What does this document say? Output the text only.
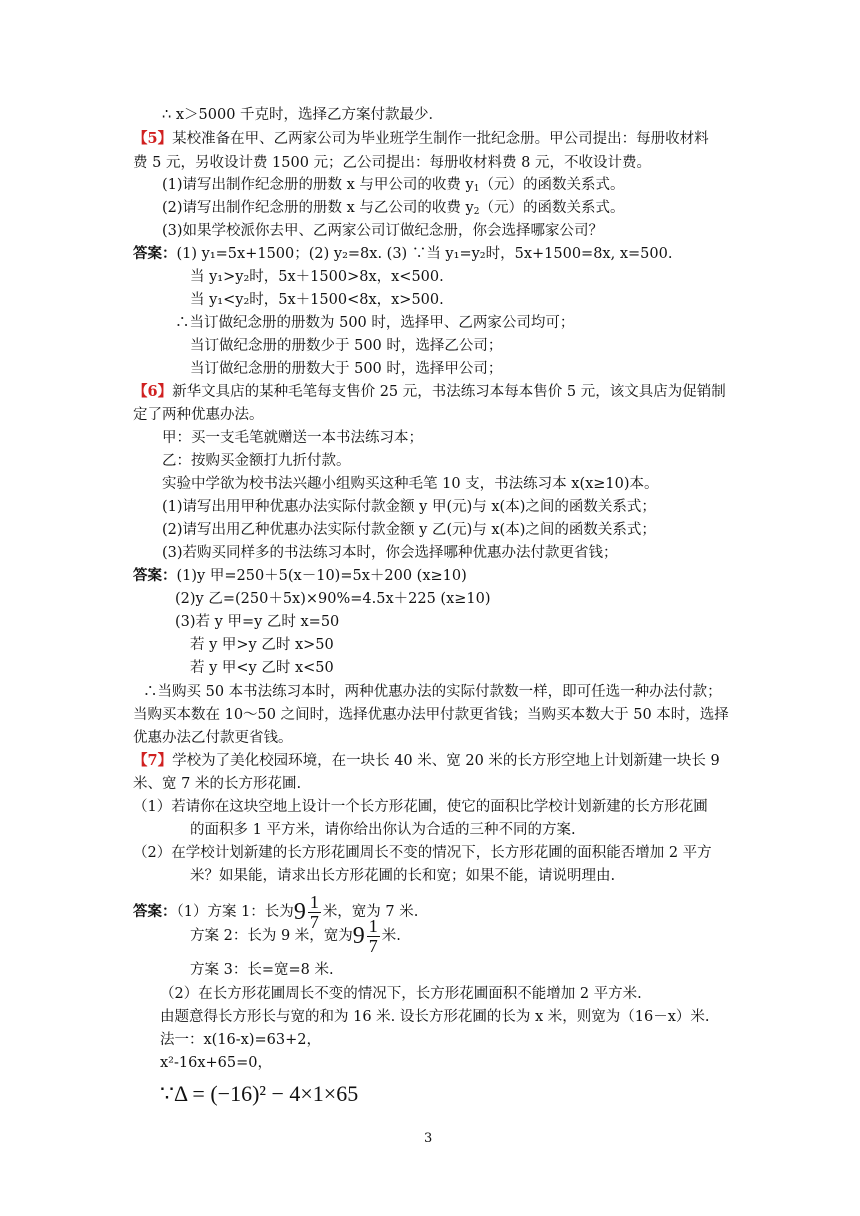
∴ x＞5000 千克时，选择乙方案付款最少．
【5】某校准备在甲、乙两家公司为毕业班学生制作一批纪念册。甲公司提出：每册收材料
费 5 元，另收设计费 1500 元；乙公司提出：每册收材料费 8 元，不收设计费。
(1)请写出制作纪念册的册数 x 与甲公司的收费 $y_1$（元）的函数关系式。
(2)请写出制作纪念册的册数 x 与乙公司的收费 $y_2$（元）的函数关系式。
(3)如果学校派你去甲、乙两家公司订做纪念册，你会选择哪家公司？
答案：(1) y₁=5x+1500；(2) y₂=8x. (3) ∵当 y₁=y₂时，5x+1500=8x, x=500.
当 y₁>y₂时，5x＋1500>8x，x<500.
当 y₁<y₂时，5x＋1500<8x，x>500.
∴当订做纪念册的册数为 500 时，选择甲、乙两家公司均可；
当订做纪念册的册数少于 500 时，选择乙公司；
当订做纪念册的册数大于 500 时，选择甲公司；
【6】新华文具店的某种毛笔每支售价 25 元，书法练习本每本售价 5 元，该文具店为促销制
定了两种优惠办法。
甲：买一支毛笔就赠送一本书法练习本；
乙：按购买金额打九折付款。
实验中学欲为校书法兴趣小组购买这种毛笔 10 支，书法练习本 x(x≥10)本。
(1)请写出用甲种优惠办法实际付款金额 y 甲(元)与 x(本)之间的函数关系式；
(2)请写出用乙种优惠办法实际付款金额 y 乙(元)与 x(本)之间的函数关系式；
(3)若购买同样多的书法练习本时，你会选择哪种优惠办法付款更省钱；
答案：(1)y 甲=250＋5(x－10)=5x＋200 (x≥10)
(2)y 乙=(250＋5x)×90%=4.5x＋225 (x≥10)
(3)若 y 甲=y 乙时 x=50
若 y 甲>y 乙时 x>50
若 y 甲<y 乙时 x<50
∴当购买 50 本书法练习本时，两种优惠办法的实际付款数一样，即可任选一种办法付款；
当购买本数在 10～50 之间时，选择优惠办法甲付款更省钱；当购买本数大于 50 本时，选择
优惠办法乙付款更省钱。
【7】学校为了美化校园环境，在一块长 40 米、宽 20 米的长方形空地上计划新建一块长 9
米、宽 7 米的长方形花圃.
（1）若请你在这块空地上设计一个长方形花圃，使它的面积比学校计划新建的长方形花圃
的面积多 1 平方米，请你给出你认为合适的三种不同的方案.
（2）在学校计划新建的长方形花圃周长不变的情况下，长方形花圃的面积能否增加 2 平方
米？如果能，请求出长方形花圃的长和宽；如果不能，请说明理由.
答案：（1）方案 1：长为$9 \frac{1}{7}$ 米，宽为 7 米.
方案 2：长为 9 米，宽为$9 \frac{1}{7}$ 米.
方案 3：长=宽=8 米.
（2）在长方形花圃周长不变的情况下，长方形花圃面积不能增加 2 平方米.
由题意得长方形长与宽的和为 16 米. 设长方形花圃的长为 x 米，则宽为（16－x）米.
法一：x(16-x)=63+2，
x²-16x+65=0，
∵Δ = (−16)² − 4×1×65
3
